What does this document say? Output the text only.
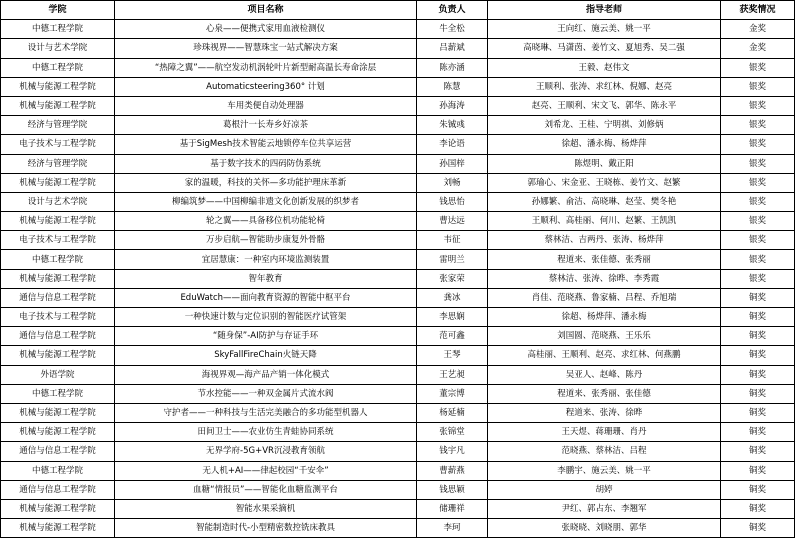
学院	项目名称	负责人	指导老师	获奖情况
中德工程学院	心泉——便携式家用血液检测仪	牛全松	王向红、施云美、姚一平	金奖
设计与艺术学院	珍珠视界——智慧珠宝一站式解决方案	吕薪斌	高晓琳、马潇茵、姜竹文、夏旭秀、吴二强	金奖
中德工程学院	“热障之翼”——航空发动机涡轮叶片新型耐高温长寿命涂层	陈亦涵	王毅、赵伟文	银奖
机械与能源工程学院	Automaticsteering360° 计划	陈慧	王顺利、张涛、求红林、倪娜、赵亮	银奖
机械与能源工程学院	车用类便自动处理器	孙海涛	赵亮、王顺利、宋文飞、郭华、陈永平	银奖
经济与管理学院	葛根汁一长寿乡好凉茶	朱铖彧	刘希龙、王桂、宁明祺、刘修炳	银奖
电子技术与工程学院	基于SigMesh技术智能云地锁停车位共享运营	李论语	徐超、潘永梅、杨烨萍	银奖
经济与管理学院	基于数字技术的四码防伪系统	孙国梓	陈煜明、戴正阳	银奖
机械与能源工程学院	家的温暖，科技的关怀—多功能护理床革新	刘畅	郭瑜心、宋金亚、王晓栋、姜竹文、赵繁	银奖
设计与艺术学院	柳编筑梦——中国柳编非遗文化创新发展的织梦者	钱思怡	孙娜繁、俞洁、高晓琳、赵莹、樊冬艳	银奖
机械与能源工程学院	轮之翼——具备移位机功能轮椅	曹达远	王顺利、高桂丽、何川、赵繁、王凯凯	银奖
电子技术与工程学院	万步启航—智能助步康复外骨骼	韦征	蔡林洁、吉两丹、张涛、杨烨萍	银奖
中德工程学院	宜居慧康：一种室内环境监测装置	雷明兰	程道来、张佳德、张秀丽	银奖
机械与能源工程学院	智年教育	张家荣	蔡林洁、张涛、徐晔、李秀霞	银奖
通信与信息工程学院	EduWatch——面向教育资源的智能中枢平台	龚冰	肖佳、范晓燕、鲁家楠、吕程、乔旭瑞	铜奖
电子技术与工程学院	一种快速计数与定位识别的智能医疗试管架	李思娴	徐超、杨烨萍、潘永梅	铜奖
通信与信息工程学院	“随身保”-AI防护与存证手环	范可鑫	刘国圆、范晓燕、王乐乐	铜奖
机械与能源工程学院	SkyFallFireChain火链天降	王琴	高桂丽、王顺利、赵亮、求红林、何燕鹏	铜奖
外语学院	海视界观—海产品产销一体化模式	王艺昶	吴亚人、赵峰、陈丹	铜奖
中德工程学院	节水控能——一种双金属片式流水阀	董宗博	程道来、张秀丽、张佳德	铜奖
机械与能源工程学院	守护者——一种科技与生活完美融合的多功能型机器人	杨延楠	程道来、张涛、徐晔	铜奖
机械与能源工程学院	田间卫士——农业仿生青蛙协同系统	张锦堂	王天煜、蒋珊珊、肖丹	铜奖
通信与信息工程学院	无界学府-5G+VR沉浸教育领航	钱宇凡	范晓燕、蔡林洁、吕程	铜奖
中德工程学院	无人机+AI——律起校园“千安伞”	曹薪燕	李鹏宇、施云美、姚一平	铜奖
通信与信息工程学院	血糖“情报员”——智能化血糖监测平台	钱思颖	胡婷	铜奖
机械与能源工程学院	智能水果采摘机	储珊祥	尹红、郭占东、李翘军	铜奖
机械与能源工程学院	智能制造时代-小型精密数控铣床教具	李珂	张晓晓、刘晓朋、郭华	铜奖
